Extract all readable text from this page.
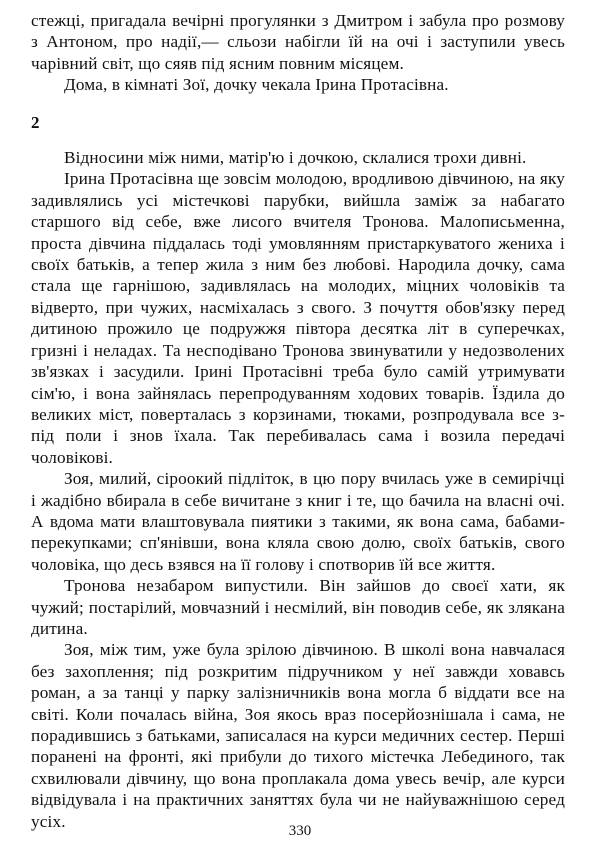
стежці, пригадала вечірні прогулянки з Дмитром і забула про розмову з Антоном, про надії,— сльози набігли їй на очі і заступили увесь чарівний світ, що сяяв під ясним повним місяцем.

Дома, в кімнаті Зої, дочку чекала Ірина Протасівна.

2

Відносини між ними, матір'ю і дочкою, склалися трохи дивні.

Ірина Протасівна ще зовсім молодою, вродливою дівчиною, на яку задивлялись усі містечкові парубки, вийшла заміж за набагато старшого від себе, вже лисого вчителя Тронова. Малописьменна, проста дівчина піддалась тоді умовлянням пристаркуватого жениха і своїх батьків, а тепер жила з ним без любові. Народила дочку, сама стала ще гарнішою, задивлялась на молодих, міцних чоловіків та відверто, при чужих, насміхалась з свого. З почуття обов'язку перед дитиною прожило це подружжя півтора десятка літ в суперечках, гризні і неладах. Та несподівано Тронова звинуватили у недозволених зв'язках і засудили. Ірині Протасівні треба було самій утримувати сім'ю, і вона зайнялась перепродуванням ходових товарів. Їздила до великих міст, поверталась з корзинами, тюками, розпродувала все з-під поли і знов їхала. Так перебивалась сама і возила передачі чоловікові.

Зоя, милий, сіроокий підліток, в цю пору вчилась уже в семирічці і жадібно вбирала в себе вичитане з книг і те, що бачила на власні очі. А вдома мати влаштовувала пиятики з такими, як вона сама, бабами-перекупками; сп'янівши, вона кляла свою долю, своїх батьків, свого чоловіка, що десь взявся на її голову і спотворив їй все життя.

Тронова незабаром випустили. Він зайшов до своєї хати, як чужий; постарілий, мовчазний і несмілий, він поводив себе, як злякана дитина.

Зоя, між тим, уже була зрілою дівчиною. В школі вона навчалася без захоплення; під розкритим підручником у неї завжди ховавсь роман, а за танці у парку залізничників вона могла б віддати все на світі. Коли почалась війна, Зоя якось враз посерйознішала і сама, не порадившись з батьками, записалася на курси медичних сестер. Перші поранені на фронті, які прибули до тихого містечка Лебединого, так схвилювали дівчину, що вона проплакала дома увесь вечір, але курси відвідувала і на практичних заняттях була чи не найуважнішою серед усіх.

330
